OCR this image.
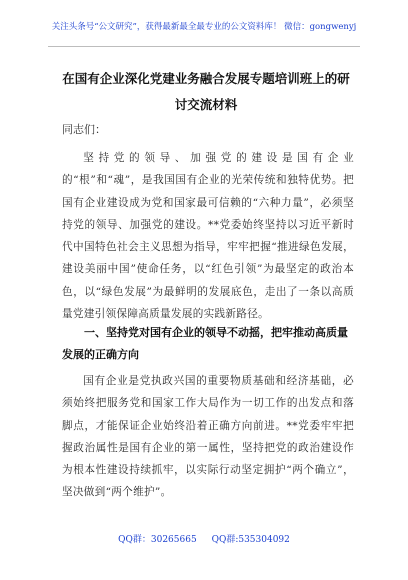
关注头条号“公文研究”，获得最新最全最专业的公文资料库！ 微信：gongwenyj
在国有企业深化党建业务融合发展专题培训班上的研讨交流材料
同志们：

坚持党的领导、加强党的建设是国有企业的“根”和“魂”，是我国国有企业的光荣传统和独特优势。把国有企业建设成为党和国家最可信赖的“六种力量”，必须坚持党的领导、加强党的建设。**党委始终坚持以习近平新时代中国特色社会主义思想为指导，牢牢把握“推进绿色发展，建设美丽中国”使命任务，以“红色引领”为最坚定的政治本色，以“绿色发展”为最鲜明的发展底色，走出了一条以高质量党建引领保障高质量发展的实践新路径。

一、坚持党对国有企业的领导不动摇，把牢推动高质量发展的正确方向

国有企业是党执政兴国的重要物质基础和经济基础，必须始终把服务党和国家工作大局作为一切工作的出发点和落脚点，才能保证企业始终沿着正确方向前进。**党委牢牢把握政治属性是国有企业的第一属性，坚持把党的政治建设作为根本性建设持续抓牢，以实际行动坚定拥护“两个确立”，坚决做到“两个维护”。

QQ群：30265665 QQ群:535304092
